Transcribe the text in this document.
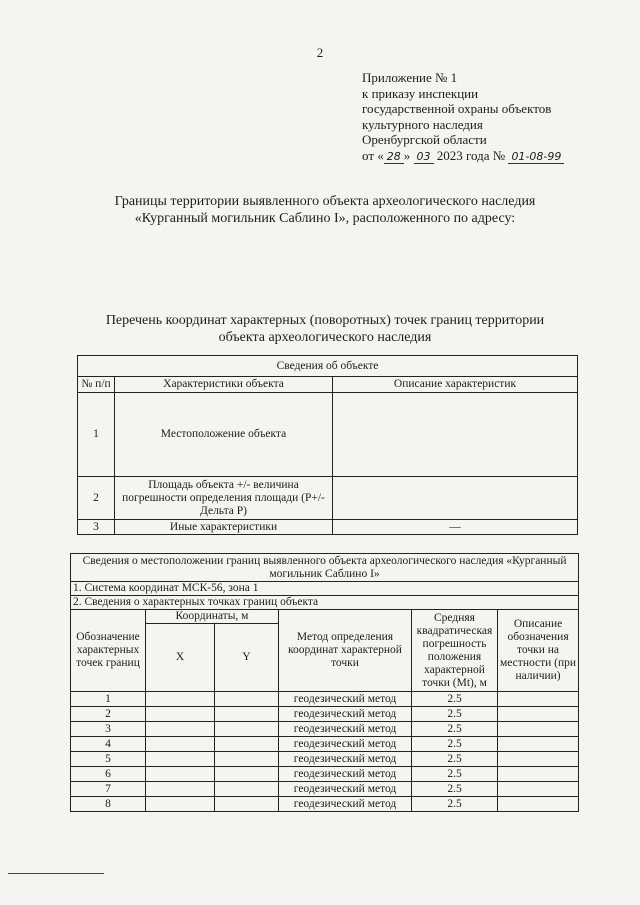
2
Приложение № 1
к приказу инспекции
государственной охраны объектов
культурного наследия
Оренбургской области
от « 28 » 03 2023 года № 01-08-99
Границы территории выявленного объекта археологического наследия
«Курганный могильник Саблино I», расположенного по адресу:
Перечень координат характерных (поворотных) точек границ территории
объекта археологического наследия
Сведения об объекте		
№ п/п	Характеристики объекта	Описание характеристик
1	Местоположение объекта	
2	Площадь объекта +/- величина погрешности определения площади (P+/- Дельта P)	
3	Иные характеристики	—
Сведения о местоположении границ выявленного объекта археологического наследия «Курганный могильник Саблино I»					
1. Система координат МСК-56, зона 1					
2. Сведения о характерных точках границ объекта					
Обозначение характерных точек границ	Координаты, м		Метод определения координат характерной точки	Средняя квадратическая погрешность положения характерной точки (Mt), м	Описание обозначения точки на местности (при наличии)
	X	Y			
1			геодезический метод	2.5	
2			геодезический метод	2.5	
3			геодезический метод	2.5	
4			геодезический метод	2.5	
5			геодезический метод	2.5	
6			геодезический метод	2.5	
7			геодезический метод	2.5	
8			геодезический метод	2.5	
